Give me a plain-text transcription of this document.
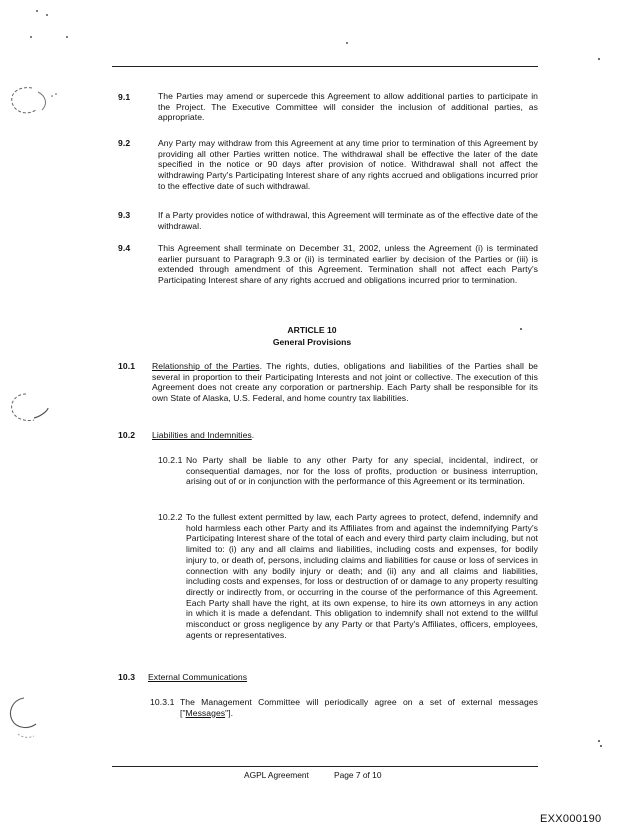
9.1	The Parties may amend or supercede this Agreement to allow additional parties to participate in the Project. The Executive Committee will consider the inclusion of additional parties, as appropriate.
9.2	Any Party may withdraw from this Agreement at any time prior to termination of this Agreement by providing all other Parties written notice. The withdrawal shall be effective the later of the date specified in the notice or 90 days after provision of notice. Withdrawal shall not affect the withdrawing Party's Participating Interest share of any rights accrued and obligations incurred prior to the effective date of such withdrawal.
9.3	If a Party provides notice of withdrawal, this Agreement will terminate as of the effective date of the withdrawal.
9.4	This Agreement shall terminate on December 31, 2002, unless the Agreement (i) is terminated earlier pursuant to Paragraph 9.3 or (ii) is terminated earlier by decision of the Parties or (iii) is extended through amendment of this Agreement. Termination shall not affect each Party's Participating Interest share of any rights accrued and obligations incurred prior to termination.
ARTICLE 10
General Provisions
10.1 Relationship of the Parties. The rights, duties, obligations and liabilities of the Parties shall be several in proportion to their Participating Interests and not joint or collective. The execution of this Agreement does not create any corporation or partnership. Each Party shall be responsible for its own State of Alaska, U.S. Federal, and home country tax liabilities.
10.2 Liabilities and Indemnities.
10.2.1 No Party shall be liable to any other Party for any special, incidental, indirect, or consequential damages, nor for the loss of profits, production or business interruption, arising out of or in conjunction with the performance of this Agreement or its termination.
10.2.2 To the fullest extent permitted by law, each Party agrees to protect, defend, indemnify and hold harmless each other Party and its Affiliates from and against the indemnifying Party's Participating Interest share of the total of each and every third party claim including, but not limited to: (i) any and all claims and liabilities, including costs and expenses, for bodily injury to, or death of, persons, including claims and liabilities for cause or loss of services in connection with any bodily injury or death; and (ii) any and all claims and liabilities, including costs and expenses, for loss or destruction of or damage to any property resulting directly or indirectly from, or occurring in the course of the performance of this Agreement. Each Party shall have the right, at its own expense, to hire its own attorneys in any action in which it is made a defendant. This obligation to indemnify shall not extend to the willful misconduct or gross negligence by any Party or that Party's Affiliates, officers, employees, agents or representatives.
10.3 External Communications
10.3.1 The Management Committee will periodically agree on a set of external messages ["Messages"].
AGPL Agreement	Page 7 of 10
EXX000190
